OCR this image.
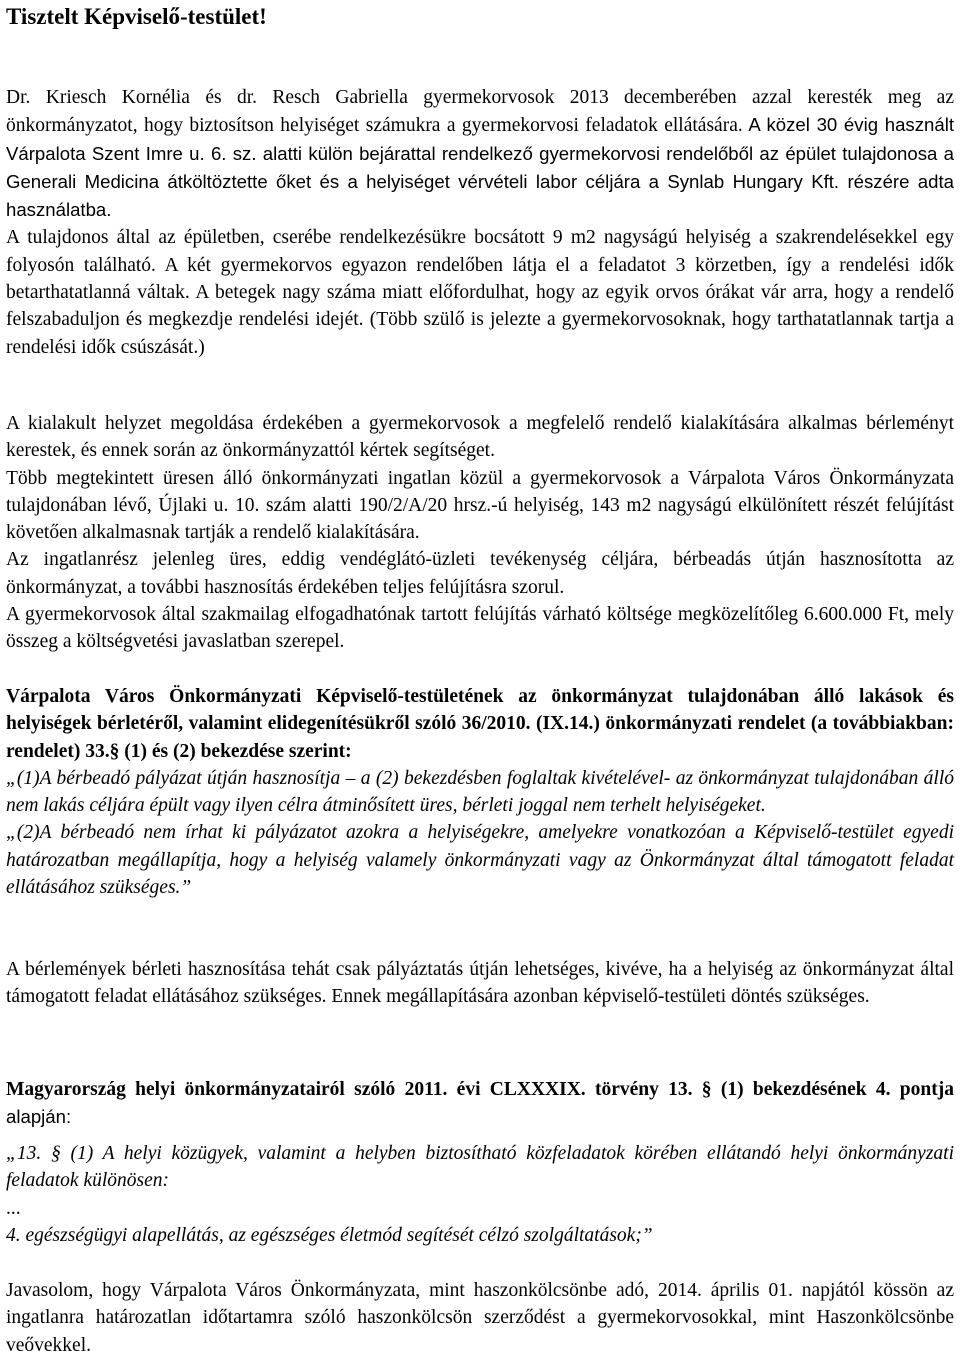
Tisztelt Képviselő-testület!

Dr. Kriesch Kornélia és dr. Resch Gabriella gyermekorvosok 2013 decemberében azzal keresték meg az önkormányzatot, hogy biztosítson helyiséget számukra a gyermekorvosi feladatok ellátására. A közel 30 évig használt Várpalota Szent Imre u. 6. sz. alatti külön bejárattal rendelkező gyermekorvosi rendelőből az épület tulajdonosa a Generali Medicina átköltöztette őket és a helyiséget vérvételi labor céljára a Synlab Hungary Kft. részére adta használatba.

A tulajdonos által az épületben, cserébe rendelkezésükre bocsátott 9 m2 nagyságú helyiség a szakrendelésekkel egy folyosón található. A két gyermekorvos egyazon rendelőben látja el a feladatot 3 körzetben, így a rendelési idők betarthatatlanná váltak. A betegek nagy száma miatt előfordulhat, hogy az egyik orvos órákat vár arra, hogy a rendelő felszabaduljon és megkezdje rendelési idejét. (Több szülő is jelezte a gyermekorvosoknak, hogy tarthatatlannak tartja a rendelési idők csúszását.)

A kialakult helyzet megoldása érdekében a gyermekorvosok a megfelelő rendelő kialakítására alkalmas bérleményt kerestek, és ennek során az önkormányzattól kértek segítséget.

Több megtekintett üresen álló önkormányzati ingatlan közül a gyermekorvosok a Várpalota Város Önkormányzata tulajdonában lévő, Újlaki u. 10. szám alatti 190/2/A/20 hrsz.-ú helyiség, 143 m2 nagyságú elkülönített részét felújítást követően alkalmasnak tartják a rendelő kialakítására.

Az ingatlanrész jelenleg üres, eddig vendéglátó-üzleti tevékenység céljára, bérbeadás útján hasznosította az önkormányzat, a további hasznosítás érdekében teljes felújításra szorul.

A gyermekorvosok által szakmailag elfogadhatónak tartott felújítás várható költsége megközelítőleg 6.600.000 Ft, mely összeg a költségvetési javaslatban szerepel.

Várpalota Város Önkormányzati Képviselő-testületének az önkormányzat tulajdonában álló lakások és helyiségek bérletéről, valamint elidegenítésükről szóló 36/2010. (IX.14.) önkormányzati rendelet (a továbbiakban: rendelet) 33.§ (1) és (2) bekezdése szerint:

„(1)A bérbeadó pályázat útján hasznosítja – a (2) bekezdésben foglaltak kivételével- az önkormányzat tulajdonában álló nem lakás céljára épült vagy ilyen célra átminősített üres, bérleti joggal nem terhelt helyiségeket.

„(2)A bérbeadó nem írhat ki pályázatot azokra a helyiségekre, amelyekre vonatkozóan a Képviselő-testület egyedi határozatban megállapítja, hogy a helyiség valamely önkormányzati vagy az Önkormányzat által támogatott feladat ellátásához szükséges.”

A bérlemények bérleti hasznosítása tehát csak pályáztatás útján lehetséges, kivéve, ha a helyiség az önkormányzat által támogatott feladat ellátásához szükséges. Ennek megállapítására azonban képviselő-testületi döntés szükséges.

Magyarország helyi önkormányzatairól szóló 2011. évi CLXXXIX. törvény 13. § (1) bekezdésének 4. pontja alapján:

„13. § (1) A helyi közügyek, valamint a helyben biztosítható közfeladatok körében ellátandó helyi önkormányzati feladatok különösen:

...

4. egészségügyi alapellátás, az egészséges életmód segítését célzó szolgáltatások;”

Javasolom, hogy Várpalota Város Önkormányzata, mint haszonkölcsönbe adó, 2014. április 01. napjától kössön az ingatlanra határozatlan időtartamra szóló haszonkölcsön szerződést a gyermekorvosokkal, mint Haszonkölcsönbe veővekkel.
